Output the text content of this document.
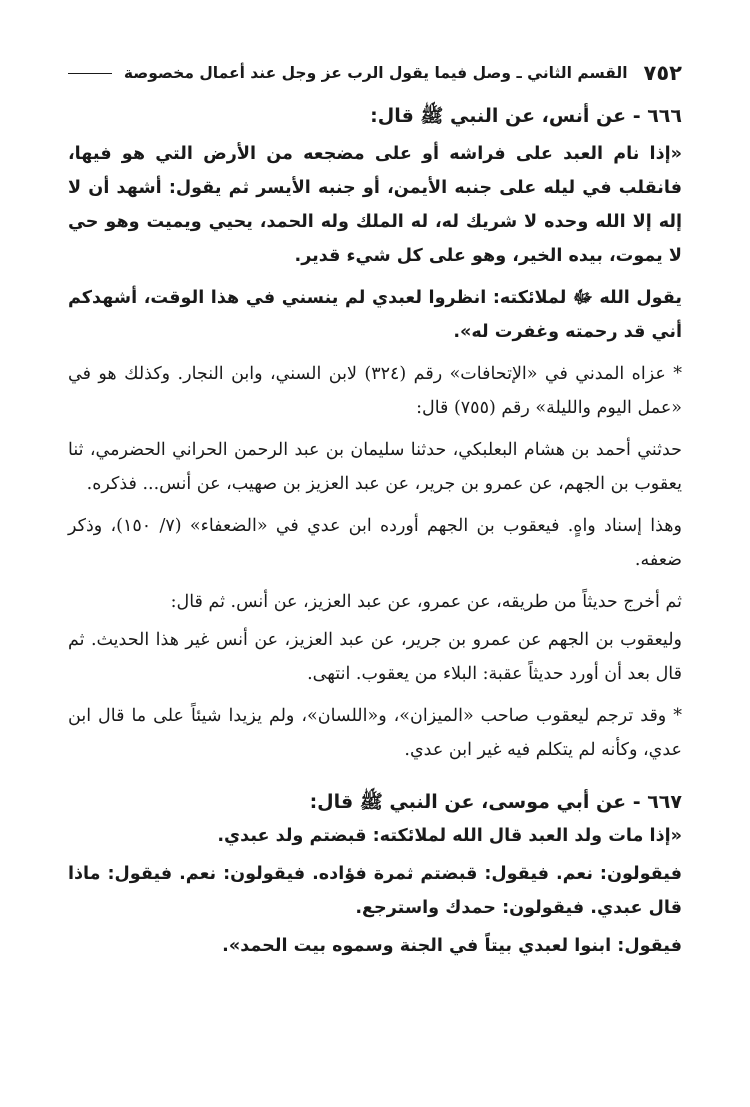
٧٥٢
القسم الثاني ـ وصل فيما يقول الرب عز وجل عند أعمال مخصوصة

٦٦٦ - عن أنس، عن النبي ﷺ قال:

«إذا نام العبد على فراشه أو على مضجعه من الأرض التي هو فيها، فانقلب في ليله على جنبه الأيمن، أو جنبه الأيسر ثم يقول: أشهد أن لا إله إلا الله وحده لا شريك له، له الملك وله الحمد، يحيي ويميت وهو حي لا يموت، بيده الخير، وهو على كل شيء قدير.

يقول الله ﷻ لملائكته: انظروا لعبدي لم ينسني في هذا الوقت، أشهدكم أني قد رحمته وغفرت له».

* عزاه المدني في «الإتحافات» رقم (٣٢٤) لابن السني، وابن النجار. وكذلك هو في «عمل اليوم والليلة» رقم (٧٥٥) قال:

حدثني أحمد بن هشام البعلبكي، حدثنا سليمان بن عبد الرحمن الحراني الحضرمي، ثنا يعقوب بن الجهم، عن عمرو بن جرير، عن عبد العزيز بن صهيب، عن أنس... فذكره.

وهذا إسناد واهٍ. فيعقوب بن الجهم أورده ابن عدي في «الضعفاء» (٧/ ١٥٠)، وذكر ضعفه.

ثم أخرج حديثاً من طريقه، عن عمرو، عن عبد العزيز، عن أنس. ثم قال:

وليعقوب بن الجهم عن عمرو بن جرير، عن عبد العزيز، عن أنس غير هذا الحديث. ثم قال بعد أن أورد حديثاً عقبة: البلاء من يعقوب. انتهى.

* وقد ترجم ليعقوب صاحب «الميزان»، و«اللسان»، ولم يزيدا شيئاً على ما قال ابن عدي، وكأنه لم يتكلم فيه غير ابن عدي.

٦٦٧ - عن أبي موسى، عن النبي ﷺ قال:

«إذا مات ولد العبد قال الله لملائكته: قبضتم ولد عبدي.

فيقولون: نعم. فيقول: قبضتم ثمرة فؤاده. فيقولون: نعم. فيقول: ماذا قال عبدي. فيقولون: حمدك واسترجع.

فيقول: ابنوا لعبدي بيتاً في الجنة وسموه بيت الحمد».
